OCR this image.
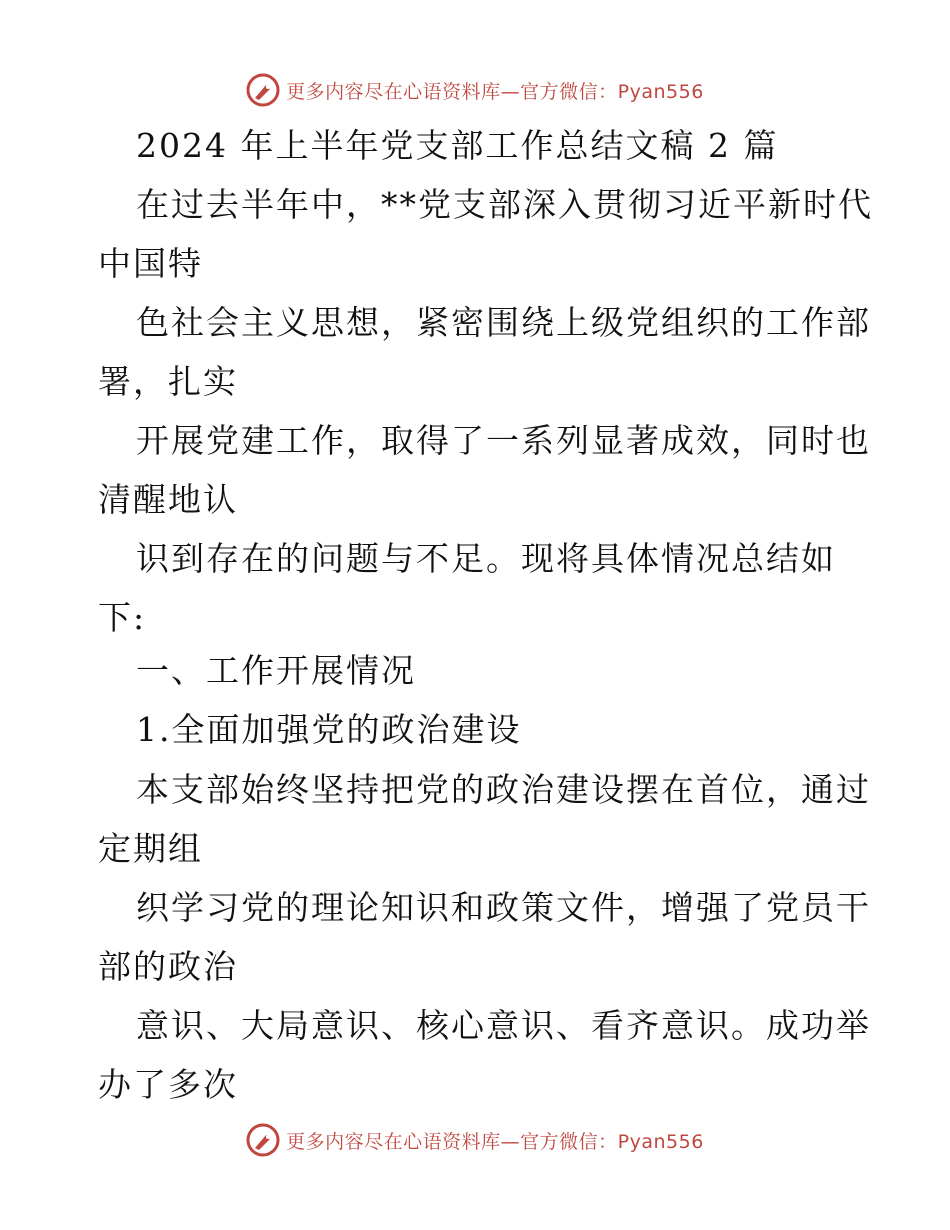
更多内容尽在心语资料库—官方微信：Pyan556
2024 年上半年党支部工作总结文稿 2 篇
在过去半年中，**党支部深入贯彻习近平新时代
中国特
色社会主义思想，紧密围绕上级党组织的工作部
署，扎实
开展党建工作，取得了一系列显著成效，同时也
清醒地认
识到存在的问题与不足。现将具体情况总结如
下:
一、工作开展情况
1.全面加强党的政治建设
本支部始终坚持把党的政治建设摆在首位，通过
定期组
织学习党的理论知识和政策文件，增强了党员干
部的政治
意识、大局意识、核心意识、看齐意识。成功举
办了多次
更多内容尽在心语资料库—官方微信：Pyan556
